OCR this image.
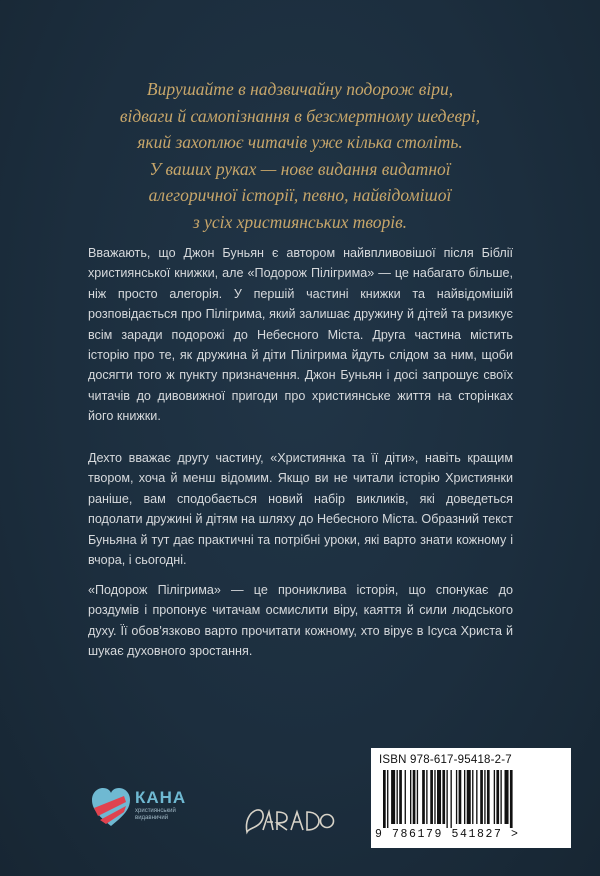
Вирушайте в надзвичайну подорож віри,
відваги й самопізнання в безсмертному шедеврі,
який захоплює читачів уже кілька століть.
У ваших руках — нове видання видатної
алегоричної історії, певно, найвідомішої
з усіх християнських творів.

Вважають, що Джон Буньян є автором найвпливовішої після Біблії християнської книжки, але «Подорож Пілігрима» — це набагато більше, ніж просто алегорія. У першій частині книжки та найвідомішій розповідається про Пілігрима, який залишає дружину й дітей та ризикує всім заради подорожі до Небесного Міста. Друга частина містить історію про те, як дружина й діти Пілігрима йдуть слідом за ним, щоби досягти того ж пункту призначення. Джон Буньян і досі запрошує своїх читачів до дивовижної пригоди про християнське життя на сторінках його книжки.

Дехто вважає другу частину, «Християнка та її діти», навіть кращим твором, хоча й менш відомим. Якщо ви не читали історію Християнки раніше, вам сподобається новий набір викликів, які доведеться подолати дружині й дітям на шляху до Небесного Міста. Образний текст Буньяна й тут дає практичні та потрібні уроки, які варто знати кожному і вчора, і сьогодні.

«Подорож Пілігрима» — це прониклива історія, що спонукає до роздумів і пропонує читачам осмислити віру, каяття й сили людського духу. Її обов'язково варто прочитати кожному, хто вірує в Ісуса Христа й шукає духовного зростання.

КАНА
християнський видавничий
ISBN 978-617-95418-2-7
9 786179 541827 >
